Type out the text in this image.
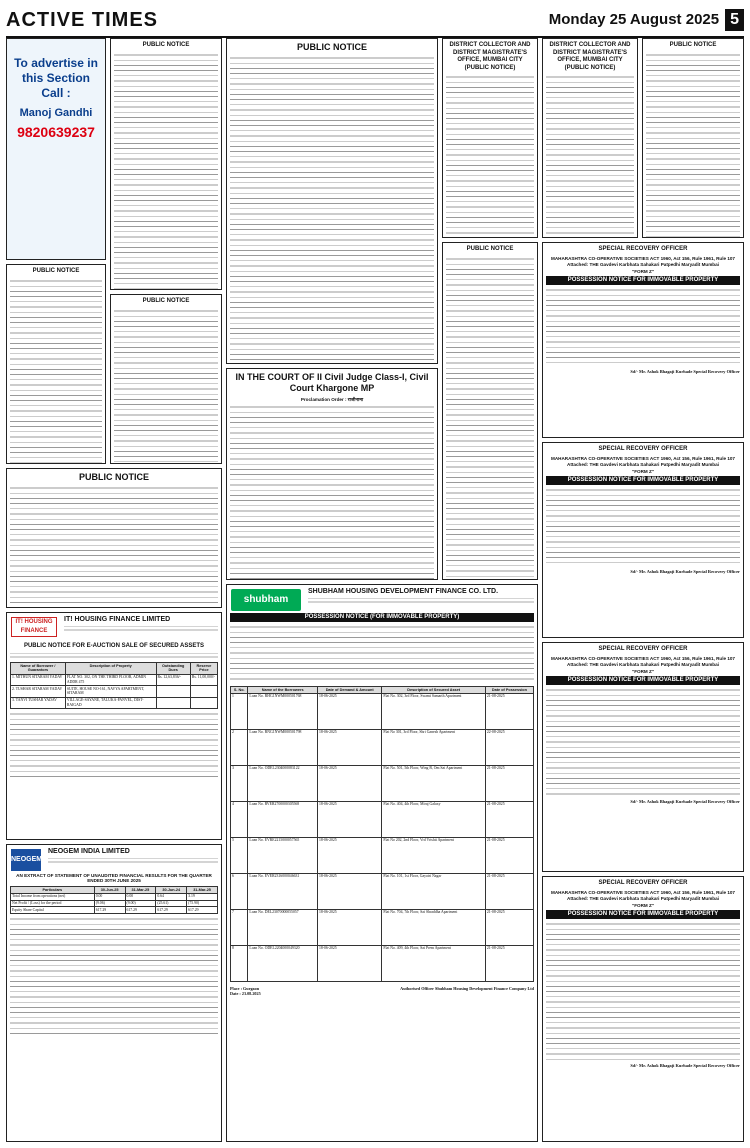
ACTIVE TIMES	Monday 25 August 2025 5
To advertise in this Section Call :
Manoj Gandhi
9820639237
PUBLIC NOTICE
PUBLIC NOTICE
PUBLIC NOTICE
PUBLIC NOTICE
IN THE COURT OF II Civil Judge Class-I, Civil Court Khargone MP
Proclamation Order : राजीनामा
PUBLIC NOTICE
DISTRICT COLLECTOR AND DISTRICT MAGISTRATE'S OFFICE, MUMBAI CITY (PUBLIC NOTICE)
PUBLIC NOTICE
DISTRICT COLLECTOR AND DISTRICT MAGISTRATE'S OFFICE, MUMBAI CITY (PUBLIC NOTICE)
PUBLIC NOTICE
SPECIAL RECOVERY OFFICER
MAHARASHTRA CO-OPERATIVE SOCIETIES ACT 1960, Act 156, Rule 1961, Rule 107
Attached: THE Gavdevi Karbhata Sahakari Patpedhi Maryadit Mumbai
"FORM Z"
POSSESSION NOTICE FOR IMMOVABLE PROPERTY
Sd/- Mr. Ashok Bhagaji Kurhade Special Recovery Officer
SPECIAL RECOVERY OFFICER
MAHARASHTRA CO-OPERATIVE SOCIETIES ACT 1960, Act 156, Rule 1961, Rule 107
Attached: THE Gavdevi Karbhata Sahakari Patpedhi Maryadit Mumbai
"FORM Z"
POSSESSION NOTICE FOR IMMOVABLE PROPERTY
Sd/- Mr. Ashok Bhagaji Kurhade Special Recovery Officer
SPECIAL RECOVERY OFFICER
MAHARASHTRA CO-OPERATIVE SOCIETIES ACT 1960, Act 156, Rule 1961, Rule 107
Attached: THE Gavdevi Karbhata Sahakari Patpedhi Maryadit Mumbai
"FORM Z"
POSSESSION NOTICE FOR IMMOVABLE PROPERTY
Sd/- Mr. Ashok Bhagaji Kurhade Special Recovery Officer
SPECIAL RECOVERY OFFICER
MAHARASHTRA CO-OPERATIVE SOCIETIES ACT 1960, Act 156, Rule 1961, Rule 107
Attached: THE Gavdevi Karbhata Sahakari Patpedhi Maryadit Mumbai
"FORM Z"
POSSESSION NOTICE FOR IMMOVABLE PROPERTY
Sd/- Mr. Ashok Bhagaji Kurhade Special Recovery Officer
IT! HOUSING FINANCE
IT! HOUSING FINANCE LIMITED
PUBLIC NOTICE FOR E-AUCTION SALE OF SECURED ASSETS
Name of Borrower / Guarantors	Description of Property	Outstanding Dues	Reserve Price
1. MITHUN SITARAM YADAV	FLAT NO. 302, ON THE THIRD FLOOR, ADMIN ADDR 475	Rs. 12,63,836/-	Rs. 11,00,000/-
2. TUSHAR SITARAM YADAV	SUITE, HOUSE NO-161, NAVYA APARTMENT, SITARAM		
3. TANVI TUSHAR YADAV	VILLAGE-SAYANE, TALUKA-PANVEL, DIST- RAIGAD		
NEOGEM
NEOGEM INDIA LIMITED
AN EXTRACT OF STATEMENT OF UNAUDITED FINANCIAL RESULTS FOR THE QUARTER ENDED 30TH JUNE 2025
Particulars	30-Jun-25	31-Mar-25	30-Jun-24	31-Mar-25
Total Income from operations (net)	0.00	0.00	0.64	3.19
Net Profit / (Loss) for the period	(9.06)	(9.00)	(25.61)	(75.90)
Equity Share Capital	617.29	617.29	617.29	617.29
shubham
SHUBHAM HOUSING DEVELOPMENT FINANCE CO. LTD.
POSSESSION NOTICE (FOR IMMOVABLE PROPERTY)
S. No.	Name of the Borrowers	Date of Demand & Amount	Description of Secured Asset	Date of Possession
1	Loan No. RHG1NWM000501768	18-06-2025	Flat No. 302, 3rd Floor, Swami Samarth Apartment	21-08-2025
2	Loan No. RNG1NWM000501798	18-06-2025	Flat No 301, 3rd Floor, Shri Ganesh Apartment	22-08-2025
3	Loan No. ODEL2304000083122	18-06-2025	Flat No. 501, 5th Floor, Wing B, Om Sai Apartment	21-08-2025
4	Loan No. RVER2700000305568	18-06-2025	Flat No. 404, 4th Floor, Miraj Galaxy	21-08-2025
5	Loan No. EVRE2215000057565	18-06-2025	Flat No 202, 2nd Floor, Vrd Vrishti Apartment	21-08-2025
6	Loan No. EVER2316000046631	18-06-2025	Flat No. 101, 1st Floor, Gayatri Nagar	21-08-2025
7	Loan No. DEL23070000055057	18-06-2025	Flat No. 704, 7th Floor, Sai Shraddha Apartment	21-08-2025
8	Loan No. ODEL2204000049320	18-06-2025	Flat No. 409, 4th Floor, Sai Prem Apartment	21-08-2025
Place : Gurgaon
Date : 23.08.2025
Authorised Officer Shubham Housing Development Finance Company Ltd
